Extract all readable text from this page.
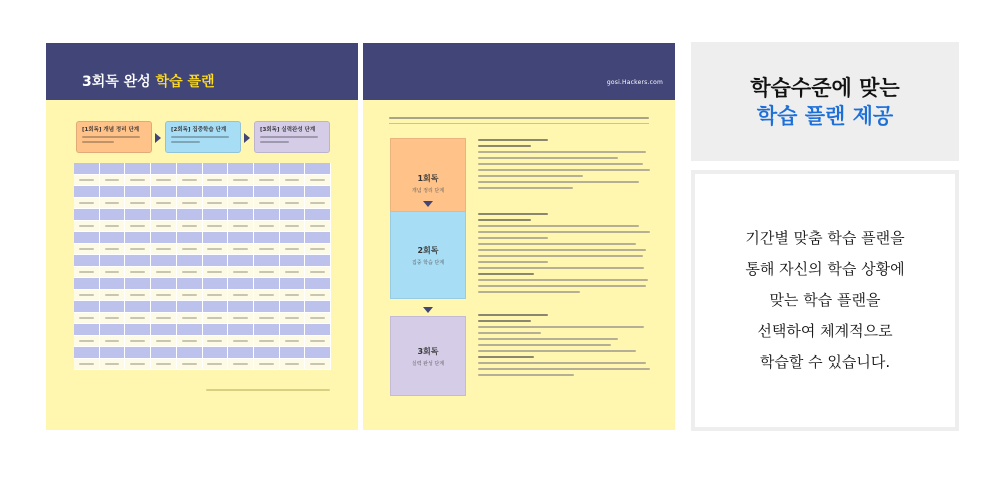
3회독 완성 학습 플랜
[1회독] 개념 정리 단계	[2회독] 집중학습 단계	[3회독] 실력완성 단계
gosi.Hackers.com
1회독
개념 정리 단계
2회독
집중 학습 단계
3회독
실력 완성 단계
학습수준에 맞는
학습 플랜 제공
기간별 맞춤 학습 플랜을
통해 자신의 학습 상황에
맞는 학습 플랜을
선택하여 체계적으로
학습할 수 있습니다.
